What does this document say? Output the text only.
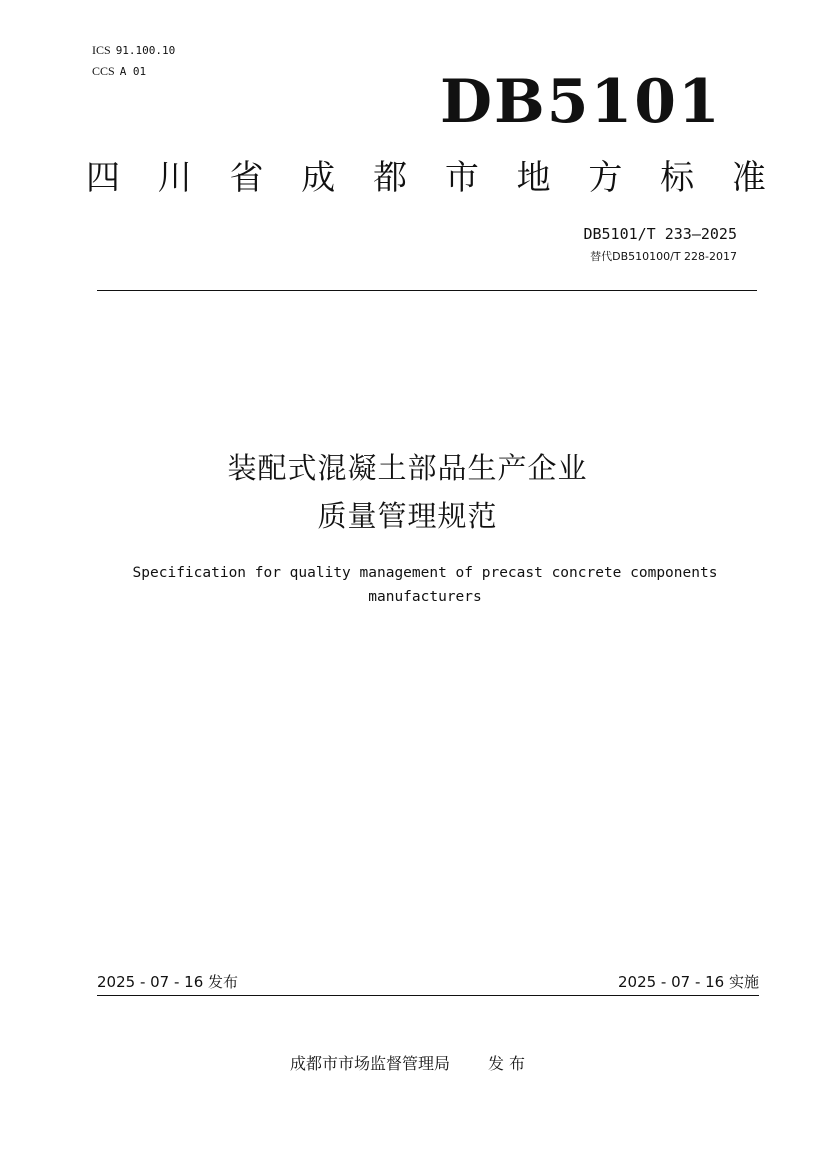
ICS 91.100.10
CCS A 01	DB5101
四 川 省 成 都 市 地 方 标 准
DB5101/T 233—2025
替代DB510100/T 228-2017
装配式混凝土部品生产企业
质量管理规范
Specification for quality management of precast concrete components
manufacturers
2025 - 07 - 16 发布	2025 - 07 - 16 实施
成都市市场监督管理局 发 布
